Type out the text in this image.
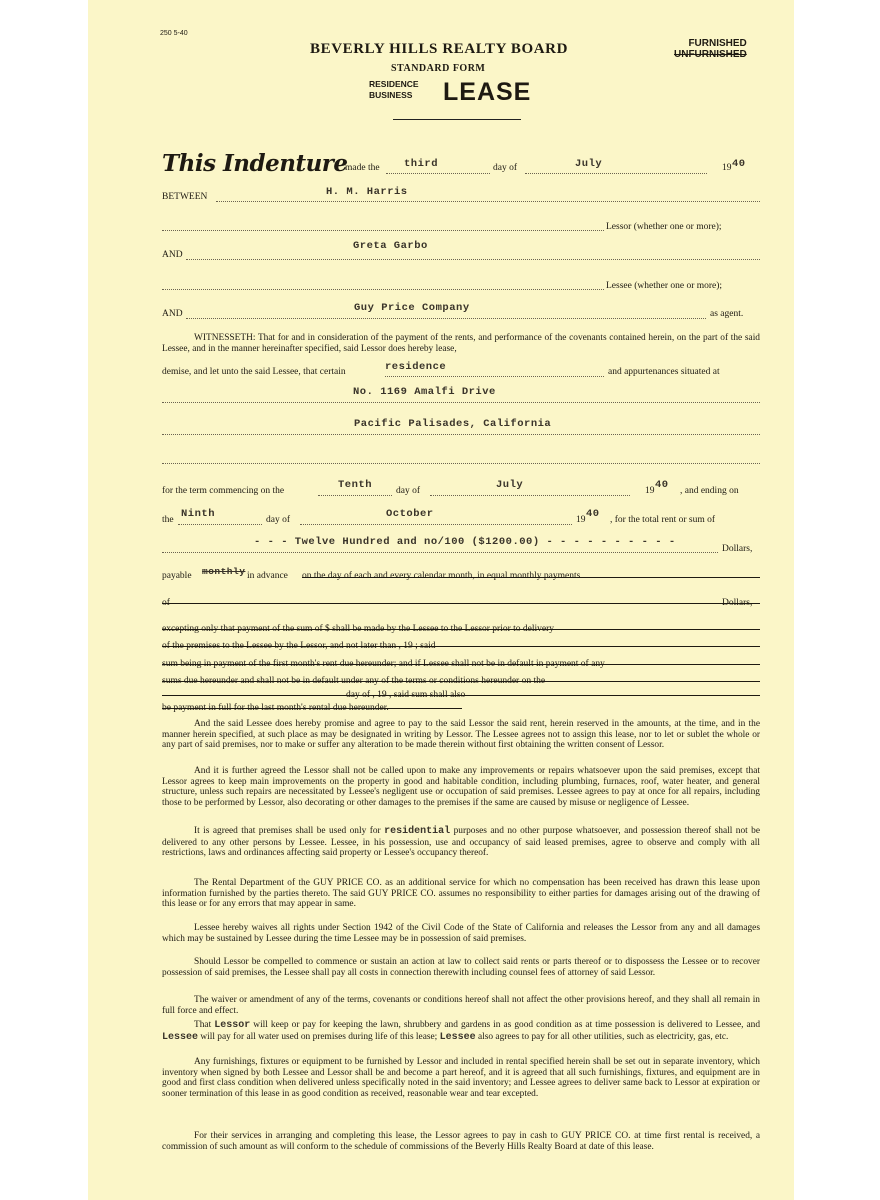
250 5-40
BEVERLY HILLS REALTY BOARD	FURNISHED
UNFURNISHED
STANDARD FORM
RESIDENCE
BUSINESS LEASE
This Indenture
made the third	day of	July	19 40
BETWEEN	H. M. Harris
Lessor (whether one or more);
AND
Greta Garbo
Lessee (whether one or more);
AND	Guy Price Company	as agent.
WITNESSETH: That for and in consideration of the payment of the rents, and performance of the covenants contained herein, on the part of the said Lessee, and in the manner hereinafter specified, said Lessor does hereby lease,
demise, and let unto the said Lessee, that certain	residence	and appurtenances situated at
No. 1169 Amalfi Drive
Pacific Palisades, California
for the term commencing on the	Tenth	day of	July	19 40 , and ending on
the Ninth	day of	October	19 40 , for the total rent or sum of
- - - Twelve Hundred and no/100 ($1200.00) - - - - - - - - - -
Dollars,
payable monthly in advance on the day of each and every calendar month, in equal monthly payments
of	Dollars,
excepting only that payment of the sum of $ shall be made by the Lessee to the Lessor prior to delivery
of the premises to the Lessee by the Lessor, and not later than , 19 ; said
sum being in payment of the first month's rent due hereunder; and if Lessee shall not be in default in payment of any
sums due hereunder and shall not be in default under any of the terms or conditions hereunder on the
day of , 19 , said sum shall also
be payment in full for the last month's rental due hereunder.
And the said Lessee does hereby promise and agree to pay to the said Lessor the said rent, herein reserved in the amounts, at the time, and in the manner herein specified, at such place as may be designated in writing by Lessor. The Lessee agrees not to assign this lease, nor to let or sublet the whole or any part of said premises, nor to make or suffer any alteration to be made therein without first obtaining the written consent of Lessor.
And it is further agreed the Lessor shall not be called upon to make any improvements or repairs whatsoever upon the said premises, except that Lessor agrees to keep main improvements on the property in good and habitable condition, including plumbing, furnaces, roof, water heater, and general structure, unless such repairs are necessitated by Lessee's negligent use or occupation of said premises. Lessee agrees to pay at once for all repairs, including those to be performed by Lessor, also decorating or other damages to the premises if the same are caused by misuse or negligence of Lessee.
It is agreed that premises shall be used only for residential purposes and no other purpose whatsoever, and possession thereof shall not be delivered to any other persons by Lessee. Lessee, in his possession, use and occupancy of said leased premises, agree to observe and comply with all restrictions, laws and ordinances affecting said property or Lessee's occupancy thereof.
The Rental Department of the GUY PRICE CO. as an additional service for which no compensation has been received has drawn this lease upon information furnished by the parties thereto. The said GUY PRICE CO. assumes no responsibility to either parties for damages arising out of the drawing of this lease or for any errors that may appear in same.
Lessee hereby waives all rights under Section 1942 of the Civil Code of the State of California and releases the Lessor from any and all damages which may be sustained by Lessee during the time Lessee may be in possession of said premises.
Should Lessor be compelled to commence or sustain an action at law to collect said rents or parts thereof or to dispossess the Lessee or to recover possession of said premises, the Lessee shall pay all costs in connection therewith including counsel fees of attorney of said Lessor.
The waiver or amendment of any of the terms, covenants or conditions hereof shall not affect the other provisions hereof, and they shall all remain in full force and effect.
That Lessor will keep or pay for keeping the lawn, shrubbery and gardens in as good condition as at time possession is delivered to Lessee, and Lessee will pay for all water used on premises during life of this lease; Lessee also agrees to pay for all other utilities, such as electricity, gas, etc.
Any furnishings, fixtures or equipment to be furnished by Lessor and included in rental specified herein shall be set out in separate inventory, which inventory when signed by both Lessee and Lessor shall be and become a part hereof, and it is agreed that all such furnishings, fixtures, and equipment are in good and first class condition when delivered unless specifically noted in the said inventory; and Lessee agrees to deliver same back to Lessor at expiration or sooner termination of this lease in as good condition as received, reasonable wear and tear excepted.
For their services in arranging and completing this lease, the Lessor agrees to pay in cash to GUY PRICE CO. at time first rental is received, a commission of such amount as will conform to the schedule of commissions of the Beverly Hills Realty Board at date of this lease.
